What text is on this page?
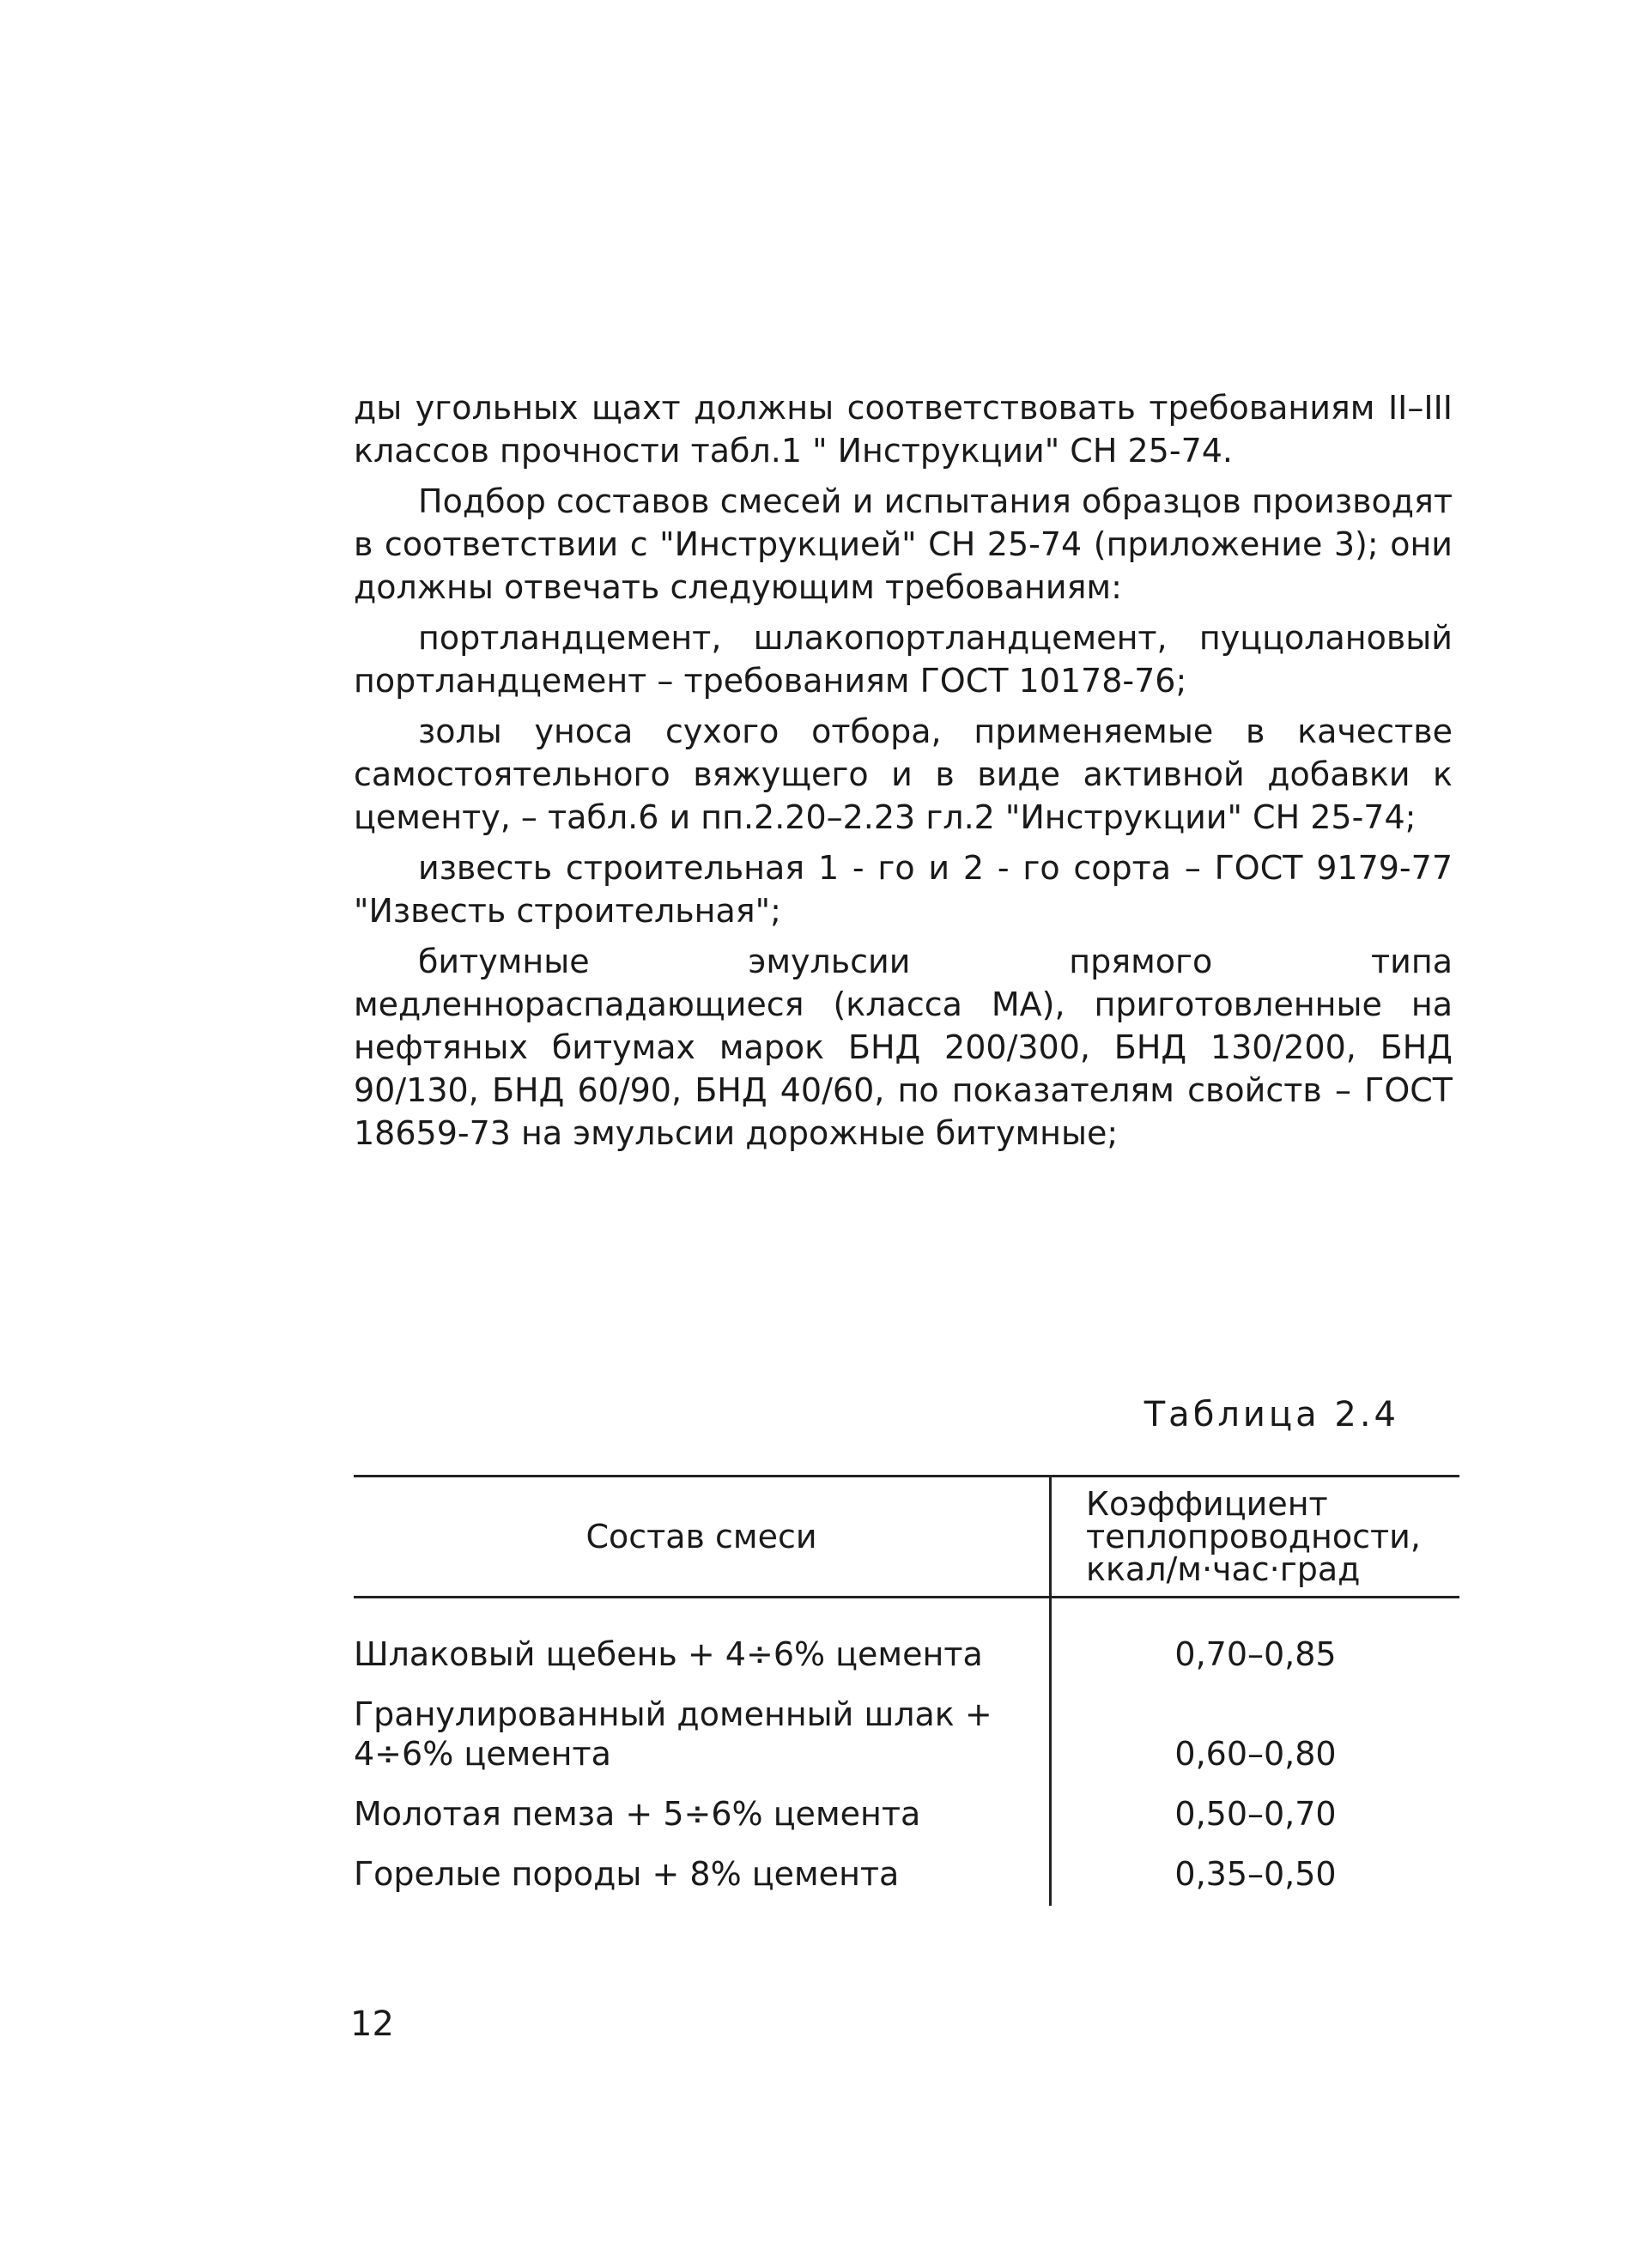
ды угольных щахт должны соответствовать требованиям II–III классов прочности табл.1 " Инструкции" СН 25-74.

Подбор составов смесей и испытания образцов производят в соответствии с "Инструкцией" СН 25-74 (приложение 3); они должны отвечать следующим требованиям:

портландцемент, шлакопортландцемент, пуццолановый портландцемент – требованиям ГОСТ 10178-76;

золы уноса сухого отбора, применяемые в качестве самостоятельного вяжущего и в виде активной добавки к цементу, – табл.6 и пп.2.20–2.23 гл.2 "Инструкции" СН 25-74;

известь строительная 1 - го и 2 - го сорта – ГОСТ 9179-77 "Известь строительная";

битумные эмульсии прямого типа медленнораспадающиеся (класса МА), приготовленные на нефтяных битумах марок БНД 200/300, БНД 130/200, БНД 90/130, БНД 60/90, БНД 40/60, по показателям свойств – ГОСТ 18659-73 на эмульсии дорожные битумные;

Таблица 2.4
Состав смеси	Коэффициент теплопроводности, ккал/м·час·град
Шлаковый щебень + 4÷6% цемента	0,70–0,85
Гранулированный доменный шлак + 4÷6% цемента	0,60–0,80
Молотая пемза + 5÷6% цемента	0,50–0,70
Горелые породы + 8% цемента	0,35–0,50
12
